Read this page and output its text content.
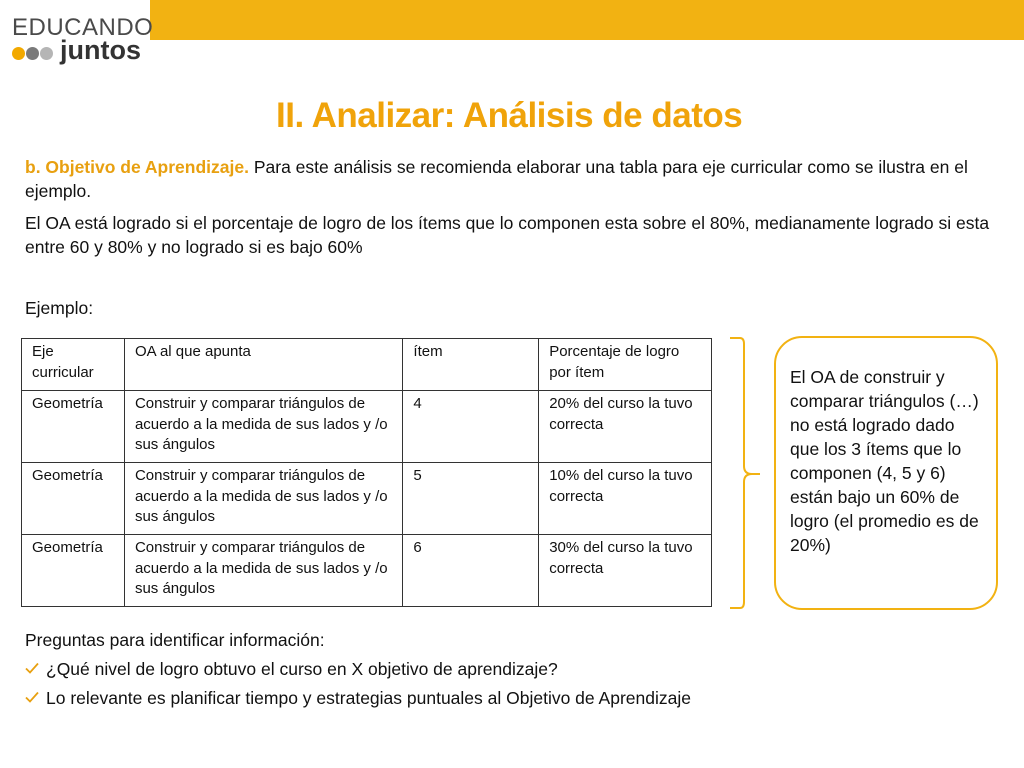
EDUCANDO
juntos
II. Analizar: Análisis de datos
b. Objetivo de Aprendizaje. Para este análisis se recomienda elaborar una tabla para eje curricular como se ilustra en el ejemplo.
El OA está logrado si el porcentaje de logro de los ítems que lo componen esta sobre el 80%, medianamente logrado si esta entre 60 y 80% y no logrado si es bajo 60%
Ejemplo:
Eje curricular	OA al que apunta	ítem	Porcentaje de logro por ítem
Geometría	Construir y comparar triángulos de acuerdo a la medida de sus lados y /o sus ángulos	4	20% del curso la tuvo correcta
Geometría	Construir y comparar triángulos de acuerdo a la medida de sus lados y /o sus ángulos	5	10% del curso la tuvo correcta
Geometría	Construir y comparar triángulos de acuerdo a la medida de sus lados y /o sus ángulos	6	30% del curso la tuvo correcta
El OA de construir y comparar triángulos (…) no está logrado dado que los 3 ítems que lo componen (4, 5 y 6) están bajo un 60% de logro (el promedio es de 20%)
Preguntas para identificar información:
¿Qué nivel de logro obtuvo el curso en X objetivo de aprendizaje?
Lo relevante es planificar tiempo y estrategias puntuales al Objetivo de Aprendizaje
